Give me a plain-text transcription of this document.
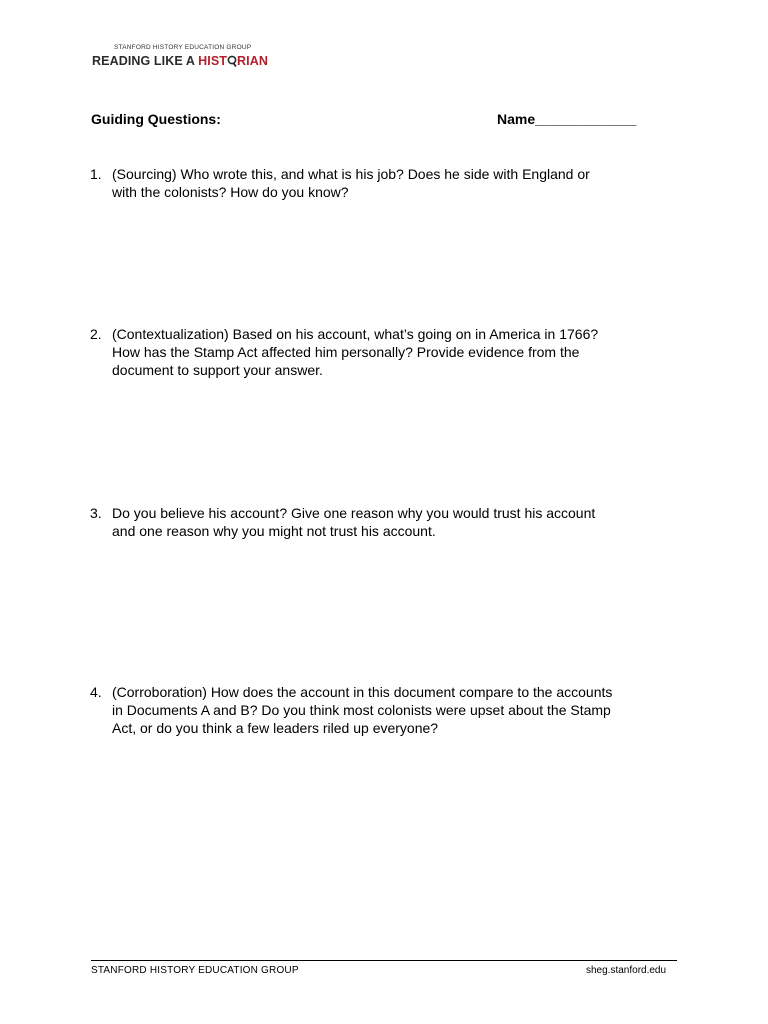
STANFORD HISTORY EDUCATION GROUP
READING LIKE A HIST RIAN
Guiding Questions:	Name_____________
1. (Sourcing) Who wrote this, and what is his job? Does he side with England or
with the colonists? How do you know?
2. (Contextualization) Based on his account, what’s going on in America in 1766?
How has the Stamp Act affected him personally? Provide evidence from the
document to support your answer.
3. Do you believe his account? Give one reason why you would trust his account
and one reason why you might not trust his account.
4. (Corroboration) How does the account in this document compare to the accounts
in Documents A and B? Do you think most colonists were upset about the Stamp
Act, or do you think a few leaders riled up everyone?
STANFORD HISTORY EDUCATION GROUP	sheg.stanford.edu
